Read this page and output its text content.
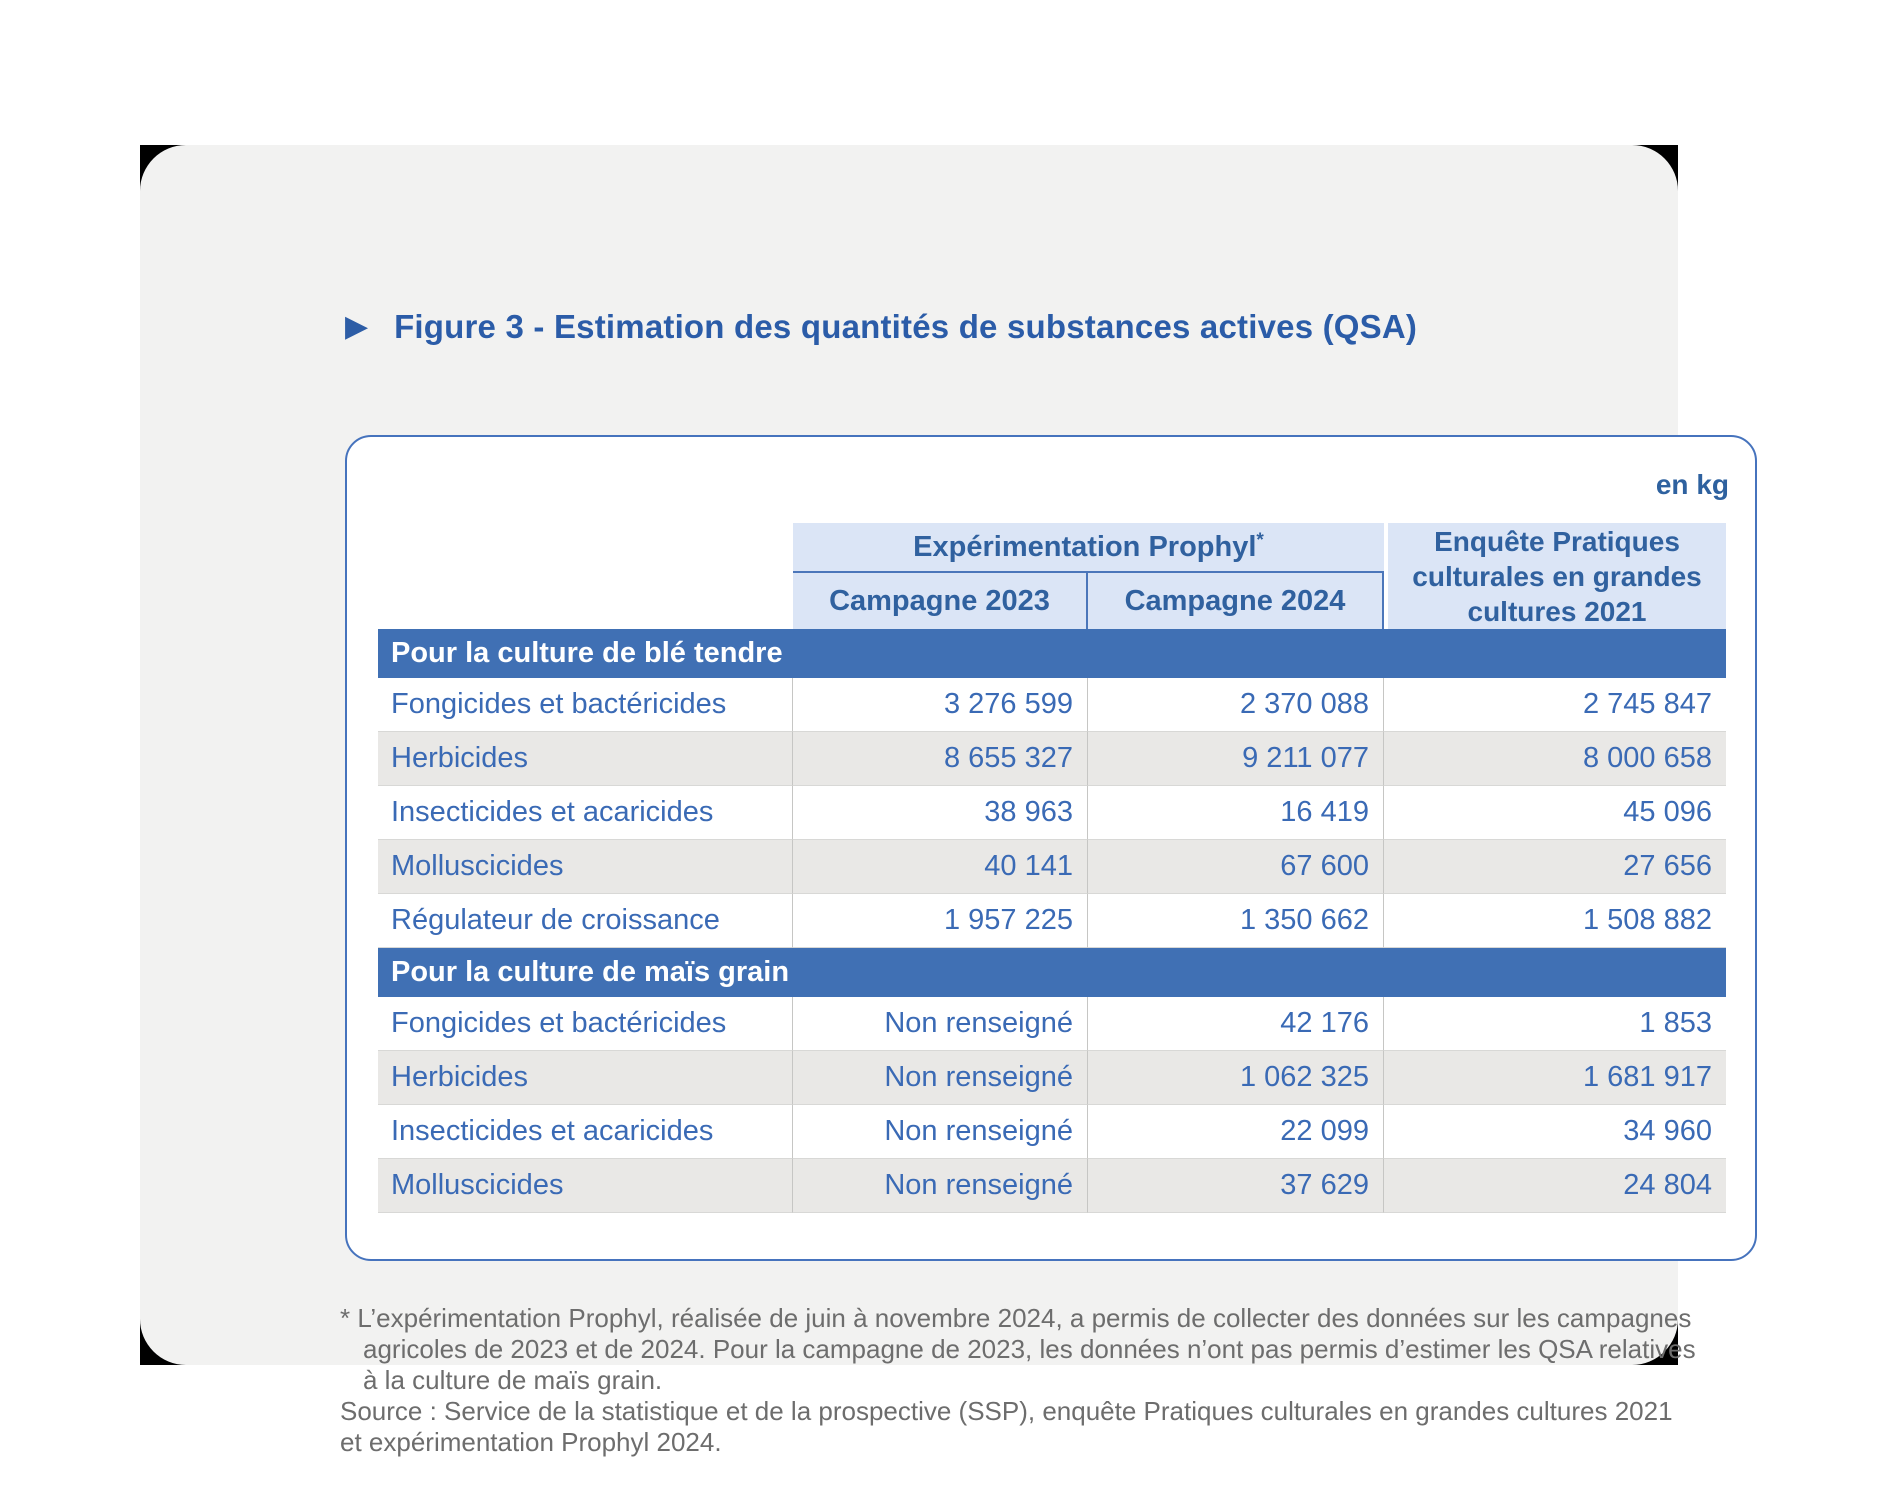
▶ Figure 3 - Estimation des quantités de substances actives (QSA)
en kg
Expérimentation Prophyl*	Enquête Pratiques culturales en grandes cultures 2021
Campagne 2023	Campagne 2024
Pour la culture de blé tendre
Fongicides et bactéricides	3 276 599	2 370 088	2 745 847
Herbicides	8 655 327	9 211 077	8 000 658
Insecticides et acaricides	38 963	16 419	45 096
Molluscicides	40 141	67 600	27 656
Régulateur de croissance	1 957 225	1 350 662	1 508 882
Pour la culture de maïs grain
Fongicides et bactéricides	Non renseigné	42 176	1 853
Herbicides	Non renseigné	1 062 325	1 681 917
Insecticides et acaricides	Non renseigné	22 099	34 960
Molluscicides	Non renseigné	37 629	24 804
* L’expérimentation Prophyl, réalisée de juin à novembre 2024, a permis de collecter des données sur les campagnes
agricoles de 2023 et de 2024. Pour la campagne de 2023, les données n’ont pas permis d’estimer les QSA relatives
à la culture de maïs grain.
Source : Service de la statistique et de la prospective (SSP), enquête Pratiques culturales en grandes cultures 2021
et expérimentation Prophyl 2024.
